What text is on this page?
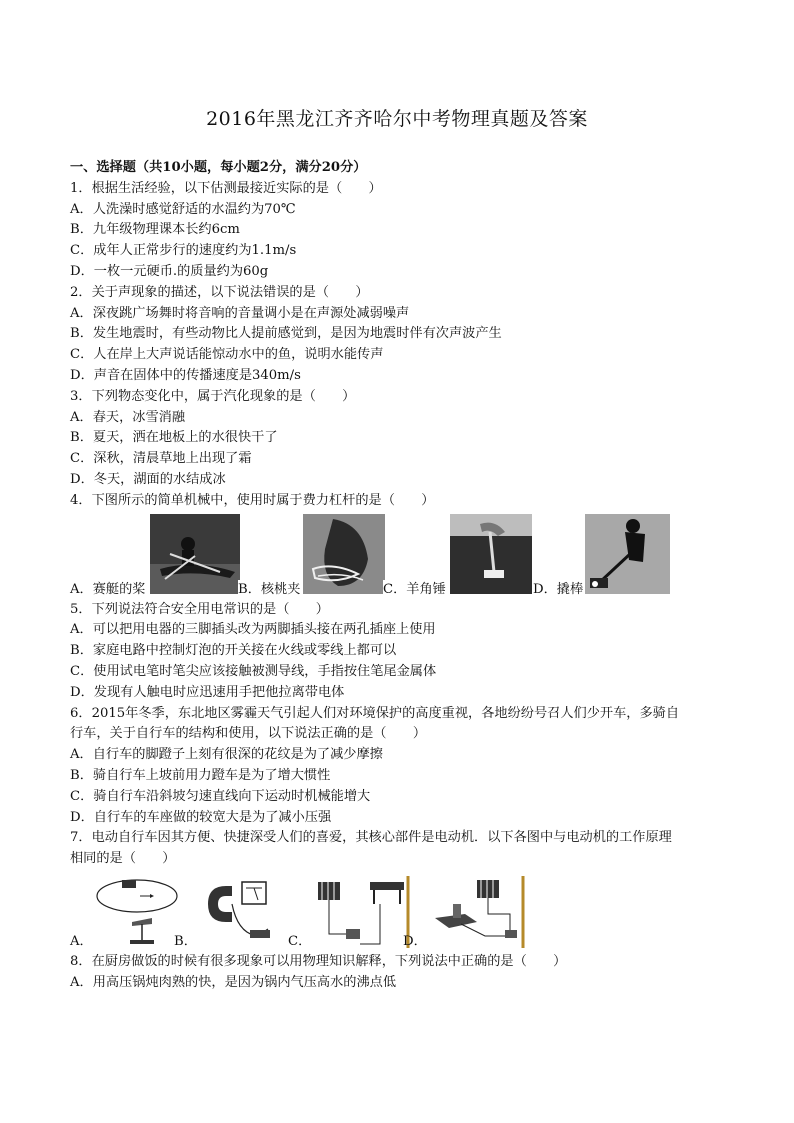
2016年黑龙江齐齐哈尔中考物理真题及答案
一、选择题（共10小题，每小题2分，满分20分）
1．根据生活经验，以下估测最接近实际的是（　　）
A．人洗澡时感觉舒适的水温约为70℃
B．九年级物理课本长约6cm
C．成年人正常步行的速度约为1.1m/s
D．一枚一元硬币.的质量约为60g
2．关于声现象的描述，以下说法错误的是（　　）
A．深夜跳广场舞时将音响的音量调小是在声源处减弱噪声
B．发生地震时，有些动物比人提前感觉到，是因为地震时伴有次声波产生
C．人在岸上大声说话能惊动水中的鱼，说明水能传声
D．声音在固体中的传播速度是340m/s
3．下列物态变化中，属于汽化现象的是（　　）
A．春天，冰雪消融
B．夏天，洒在地板上的水很快干了
C．深秋，清晨草地上出现了霜
D．冬天，湖面的水结成冰
4．下图所示的简单机械中，使用时属于费力杠杆的是（　　）
A．赛艇的桨	B．核桃夹	C．羊角锤	D．撬棒
5．下列说法符合安全用电常识的是（　　）
A．可以把用电器的三脚插头改为两脚插头接在两孔插座上使用
B．家庭电路中控制灯泡的开关接在火线或零线上都可以
C．使用试电笔时笔尖应该接触被测导线，手指按住笔尾金属体
D．发现有人触电时应迅速用手把他拉离带电体
6．2015年冬季，东北地区雾霾天气引起人们对环境保护的高度重视，各地纷纷号召人们少开车，多骑自
行车，关于自行车的结构和使用，以下说法正确的是（　　）
A．自行车的脚蹬子上刻有很深的花纹是为了减少摩擦
B．骑自行车上坡前用力蹬车是为了增大惯性
C．骑自行车沿斜坡匀速直线向下运动时机械能增大
D．自行车的车座做的较宽大是为了减小压强
7．电动自行车因其方便、快捷深受人们的喜爱，其核心部件是电动机．以下各图中与电动机的工作原理
相同的是（　　）
A．	B．	C．	D．
8．在厨房做饭的时候有很多现象可以用物理知识解释，下列说法中正确的是（　　）
A．用高压锅炖肉熟的快，是因为锅内气压高水的沸点低
